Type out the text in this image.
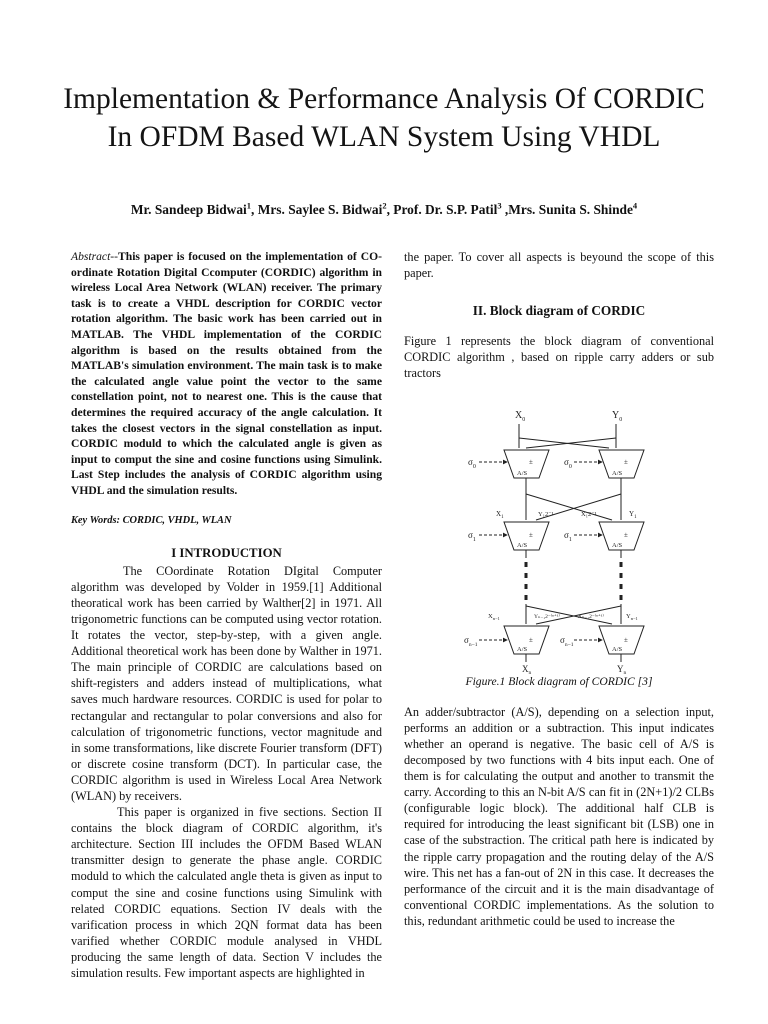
Implementation & Performance Analysis Of CORDIC In OFDM Based WLAN System Using VHDL
Mr. Sandeep Bidwai$^1$, Mrs. Saylee S. Bidwai$^2$, Prof. Dr. S.P. Patil$^3$ ,Mrs. Sunita S. Shinde$^4$

Abstract--This paper is focused on the implementation of CO-ordinate Rotation Digital Ccomputer (CORDIC) algorithm in wireless Local Area Network (WLAN) receiver. The primary task is to create a VHDL description for CORDIC vector rotation algorithm. The basic work has been carried out in MATLAB. The VHDL implementation of the CORDIC algorithm is based on the results obtained from the MATLAB's simulation environment. The main task is to make the calculated angle value point the vector to the same constellation point, not to nearest one. This is the cause that determines the required accuracy of the angle calculation. It takes the closest vectors in the signal constellation as input. CORDIC moduld to which the calculated angle is given as input to comput the sine and cosine functions using Simulink. Last Step includes the analysis of CORDIC algorithm using VHDL and the simulation results.

Key Words: CORDIC, VHDL, WLAN

I INTRODUCTION

The COordinate Rotation DIgital Computer algorithm was developed by Volder in 1959.[1] Additional theoratical work has been carried by Walther[2] in 1971. All trigonometric functions can be computed using vector rotation. It rotates the vector, step-by-step, with a given angle. Additional theoretical work has been done by Walther in 1971. The main principle of CORDIC are calculations based on shift-registers and adders instead of multiplications, what saves much hardware resources. CORDIC is used for polar to rectangular and rectangular to polar conversions and also for calculation of trigonometric functions, vector magnitude and in some transformations, like discrete Fourier transform (DFT) or discrete cosine transform (DCT). In particular case, the CORDIC algorithm is used in Wireless Local Area Network (WLAN) by receivers.

This paper is organized in five sections. Section II contains the block diagram of CORDIC algorithm, it's architecture. Section III includes the OFDM Based WLAN transmitter design to generate the phase angle. CORDIC moduld to which the calculated angle theta is given as input to comput the sine and cosine functions using Simulink with related CORDIC equations. Section IV deals with the varification process in which 2QN format data has been varified whether CORDIC module analysed in VHDL producing the same length of data. Section V includes the simulation results. Few important aspects are highlighted in

the paper. To cover all aspects is beyound the scope of this paper.

II. Block diagram of CORDIC

Figure 1 represents the block diagram of conventional CORDIC algorithm , based on ripple carry adders or sub tractors

$X_0$	$Y_0$
±	±
A/S	A/S
$\sigma_0$	$\sigma_0$
$X_1$	Y₁2⁻¹	X₁2⁻¹	$Y_1$
±	±
A/S	A/S
$\sigma_1$	$\sigma_1$
$X_{n-1}$	Yₙ₋₁2⁻⁽ⁿ⁺¹⁾	Xₙ₋₁2⁻⁽ⁿ⁺¹⁾	$Y_{n-1}$
±	±
A/S	A/S
$\sigma_{n-1}$	$\sigma_{n-1}$
$X_n$	$Y_n$

Figure.1 Block diagram of CORDIC [3]

An adder/subtractor (A/S), depending on a selection input, performs an addition or a subtraction. This input indicates whether an operand is negative. The basic cell of A/S is decomposed by two functions with 4 bits input each. One of them is for calculating the output and another to transmit the carry. According to this an N-bit A/S can fit in (2N+1)/2 CLBs (configurable logic block). The additional half CLB is required for introducing the least significant bit (LSB) one in case of the substraction. The critical path here is indicated by the ripple carry propagation and the routing delay of the A/S wire. This net has a fan-out of 2N in this case. It decreases the performance of the circuit and it is the main disadvantage of conventional CORDIC implementations. As the solution to this, redundant arithmetic could be used to increase the
